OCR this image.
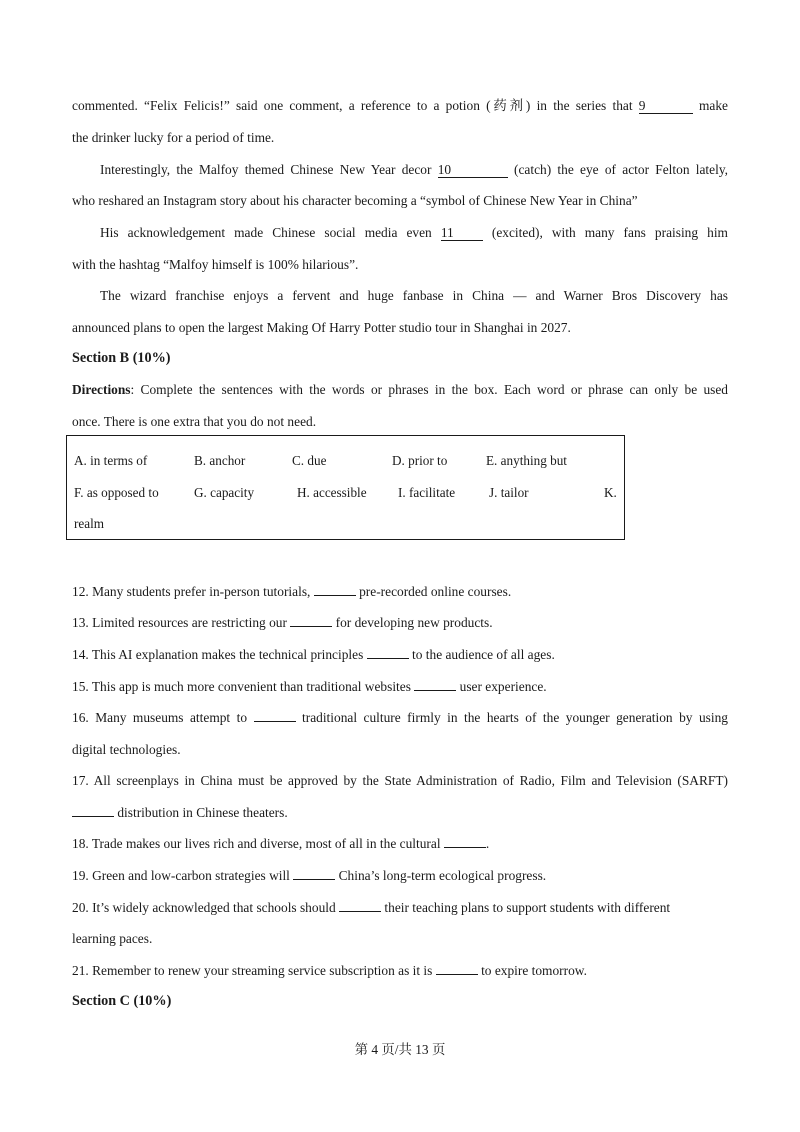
commented. “Felix Felicis!” said one comment, a reference to a potion (药剂) in the series that 9	make
the drinker lucky for a period of time.
Interestingly, the Malfoy themed Chinese New Year decor 10	(catch) the eye of actor Felton lately,
who reshared an Instagram story about his character becoming a “symbol of Chinese New Year in China”
His acknowledgement made Chinese social media even 11	(excited), with many fans praising him
with the hashtag “Malfoy himself is 100% hilarious”.
The wizard franchise enjoys a fervent and huge fanbase in China — and Warner Bros Discovery has
announced plans to open the largest Making Of Harry Potter studio tour in Shanghai in 2027.
Section B (10%)
Directions: Complete the sentences with the words or phrases in the box. Each word or phrase can only be used
once. There is one extra that you do not need.
A. in terms of	B. anchor	C. due	D. prior to	E. anything but
F. as opposed to	G. capacity	H. accessible I. facilitate	J. tailor	K.
realm
12. Many students prefer in-person tutorials,	pre-recorded online courses.
13. Limited resources are restricting our	for developing new products.
14. This AI explanation makes the technical principles	to the audience of all ages.
15. This app is much more convenient than traditional websites	user experience.
16. Many museums attempt to	traditional culture firmly in the hearts of the younger generation by using
digital technologies.
17. All screenplays in China must be approved by the State Administration of Radio, Film and Television (SARFT)
distribution in Chinese theaters.
18. Trade makes our lives rich and diverse, most of all in the cultural	.
19. Green and low-carbon strategies will	China’s long-term ecological progress.
20. It’s widely acknowledged that schools should	their teaching plans to support students with different
learning paces.
21. Remember to renew your streaming service subscription as it is	to expire tomorrow.
Section C (10%)
第 4 页/共 13 页
